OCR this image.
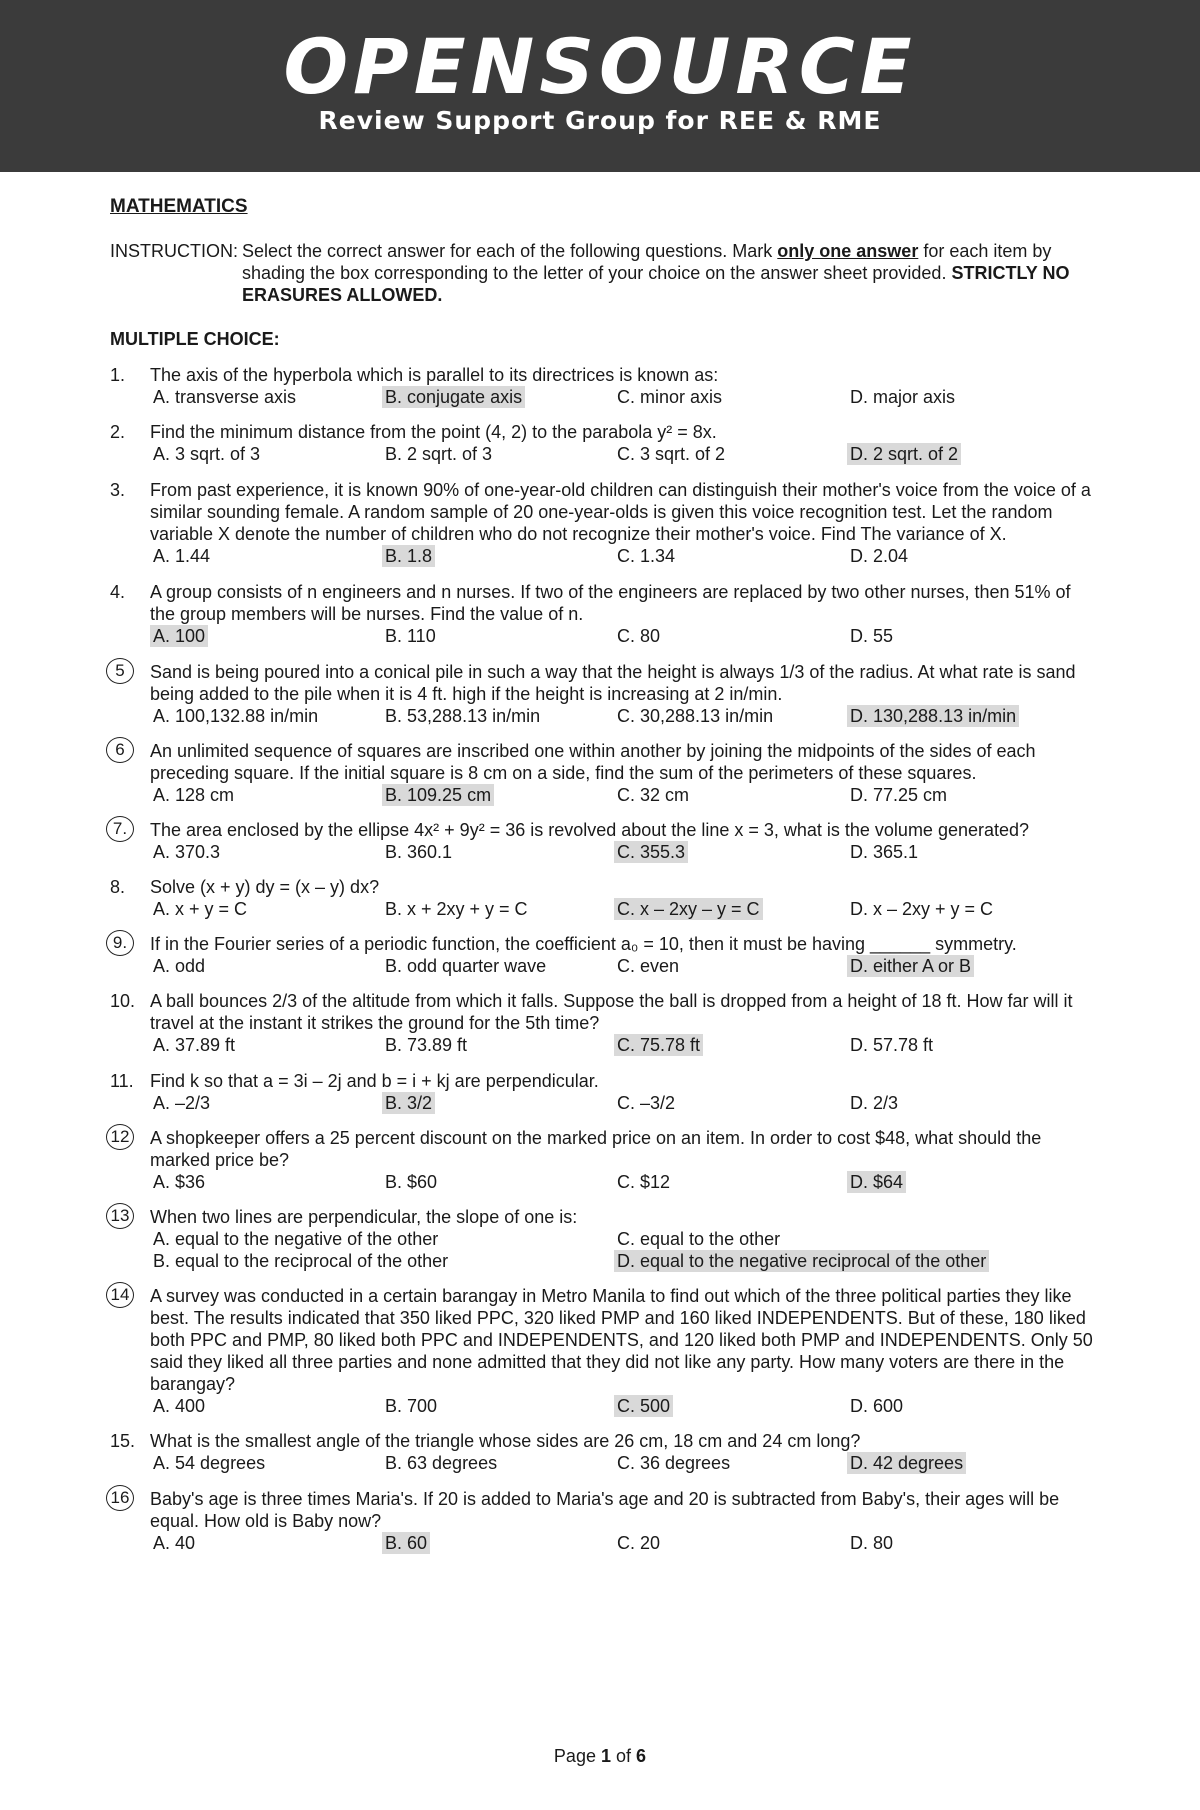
OPENSOURCE
Review Support Group for REE & RME
MATHEMATICS
INSTRUCTION: Select the correct answer for each of the following questions. Mark only one answer for each item by shading the box corresponding to the letter of your choice on the answer sheet provided. STRICTLY NO ERASURES ALLOWED.
MULTIPLE CHOICE:
1.	The axis of the hyperbola which is parallel to its directrices is known as:
A. transverse axis	B. conjugate axis	C. minor axis	D. major axis
2.	Find the minimum distance from the point (4, 2) to the parabola y² = 8x.
A. 3 sqrt. of 3	B. 2 sqrt. of 3	C. 3 sqrt. of 2	D. 2 sqrt. of 2
3.	From past experience, it is known 90% of one-year-old children can distinguish their mother's voice from the voice of a similar sounding female. A random sample of 20 one-year-olds is given this voice recognition test. Let the random variable X denote the number of children who do not recognize their mother's voice. Find The variance of X.
A. 1.44	B. 1.8	C. 1.34	D. 2.04
4.	A group consists of n engineers and n nurses. If two of the engineers are replaced by two other nurses, then 51% of the group members will be nurses. Find the value of n.
A. 100	B. 110	C. 80	D. 55
5	Sand is being poured into a conical pile in such a way that the height is always 1/3 of the radius. At what rate is sand being added to the pile when it is 4 ft. high if the height is increasing at 2 in/min.
A. 100,132.88 in/min	B. 53,288.13 in/min	C. 30,288.13 in/min	D. 130,288.13 in/min
6	An unlimited sequence of squares are inscribed one within another by joining the midpoints of the sides of each preceding square. If the initial square is 8 cm on a side, find the sum of the perimeters of these squares.
A. 128 cm	B. 109.25 cm	C. 32 cm	D. 77.25 cm
7.	The area enclosed by the ellipse 4x² + 9y² = 36 is revolved about the line x = 3, what is the volume generated?
A. 370.3	B. 360.1	C. 355.3	D. 365.1
8.	Solve (x + y) dy = (x – y) dx?
A. x + y = C	B. x + 2xy + y = C	C. x – 2xy – y = C	D. x – 2xy + y = C
9.	If in the Fourier series of a periodic function, the coefficient a₀ = 10, then it must be having ______ symmetry.
A. odd	B. odd quarter wave	C. even	D. either A or B
10. A ball bounces 2/3 of the altitude from which it falls. Suppose the ball is dropped from a height of 18 ft. How far will it travel at the instant it strikes the ground for the 5th time?
A. 37.89 ft	B. 73.89 ft	C. 75.78 ft	D. 57.78 ft
11. Find k so that a = 3i – 2j and b = i + kj are perpendicular.
A. –2/3	B. 3/2	C. –3/2	D. 2/3
12 A shopkeeper offers a 25 percent discount on the marked price on an item. In order to cost $48, what should the marked price be?
A. $36	B. $60	C. $12	D. $64
13 When two lines are perpendicular, the slope of one is:
A. equal to the negative of the other	C. equal to the other
B. equal to the reciprocal of the other	D. equal to the negative reciprocal of the other
14 A survey was conducted in a certain barangay in Metro Manila to find out which of the three political parties they like best. The results indicated that 350 liked PPC, 320 liked PMP and 160 liked INDEPENDENTS. But of these, 180 liked both PPC and PMP, 80 liked both PPC and INDEPENDENTS, and 120 liked both PMP and INDEPENDENTS. Only 50 said they liked all three parties and none admitted that they did not like any party. How many voters are there in the barangay?
A. 400	B. 700	C. 500	D. 600
15. What is the smallest angle of the triangle whose sides are 26 cm, 18 cm and 24 cm long?
A. 54 degrees	B. 63 degrees	C. 36 degrees	D. 42 degrees
16 Baby's age is three times Maria's. If 20 is added to Maria's age and 20 is subtracted from Baby's, their ages will be equal. How old is Baby now?
A. 40	B. 60	C. 20	D. 80
Page 1 of 6
